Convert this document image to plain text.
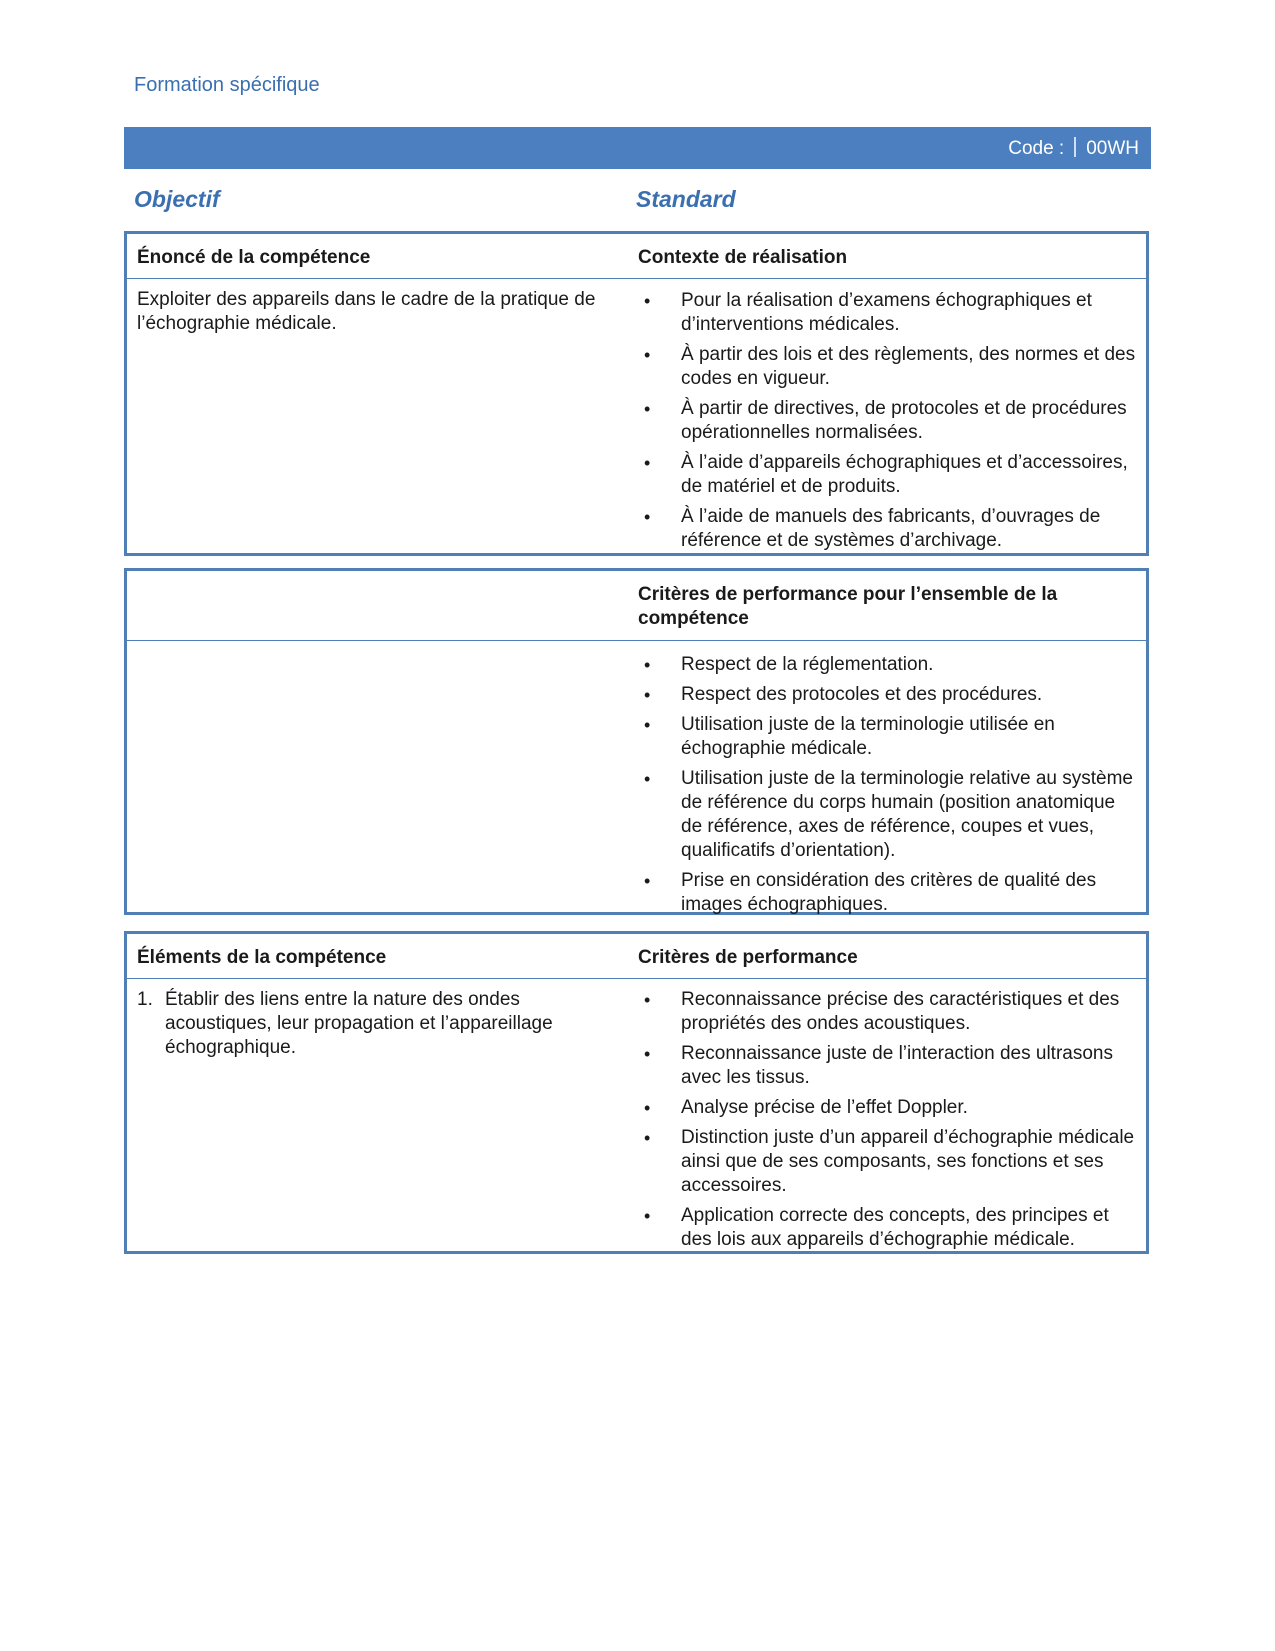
Formation spécifique
Code : 00WH
Objectif	Standard
Énoncé de la compétence	Contexte de réalisation
Exploiter des appareils dans le cadre de la pratique de l’échographie médicale.
• Pour la réalisation d’examens échographiques et d’interventions médicales.
• À partir des lois et des règlements, des normes et des codes en vigueur.
• À partir de directives, de protocoles et de procédures opérationnelles normalisées.
• À l’aide d’appareils échographiques et d’accessoires, de matériel et de produits.
• À l’aide de manuels des fabricants, d’ouvrages de référence et de systèmes d’archivage.
Critères de performance pour l’ensemble de la compétence
• Respect de la réglementation.
• Respect des protocoles et des procédures.
• Utilisation juste de la terminologie utilisée en échographie médicale.
• Utilisation juste de la terminologie relative au système de référence du corps humain (position anatomique de référence, axes de référence, coupes et vues, qualificatifs d’orientation).
• Prise en considération des critères de qualité des images échographiques.
Éléments de la compétence	Critères de performance
1. Établir des liens entre la nature des ondes acoustiques, leur propagation et l’appareillage échographique.
• Reconnaissance précise des caractéristiques et des propriétés des ondes acoustiques.
• Reconnaissance juste de l’interaction des ultrasons avec les tissus.
• Analyse précise de l’effet Doppler.
• Distinction juste d’un appareil d’échographie médicale ainsi que de ses composants, ses fonctions et ses accessoires.
• Application correcte des concepts, des principes et des lois aux appareils d’échographie médicale.
